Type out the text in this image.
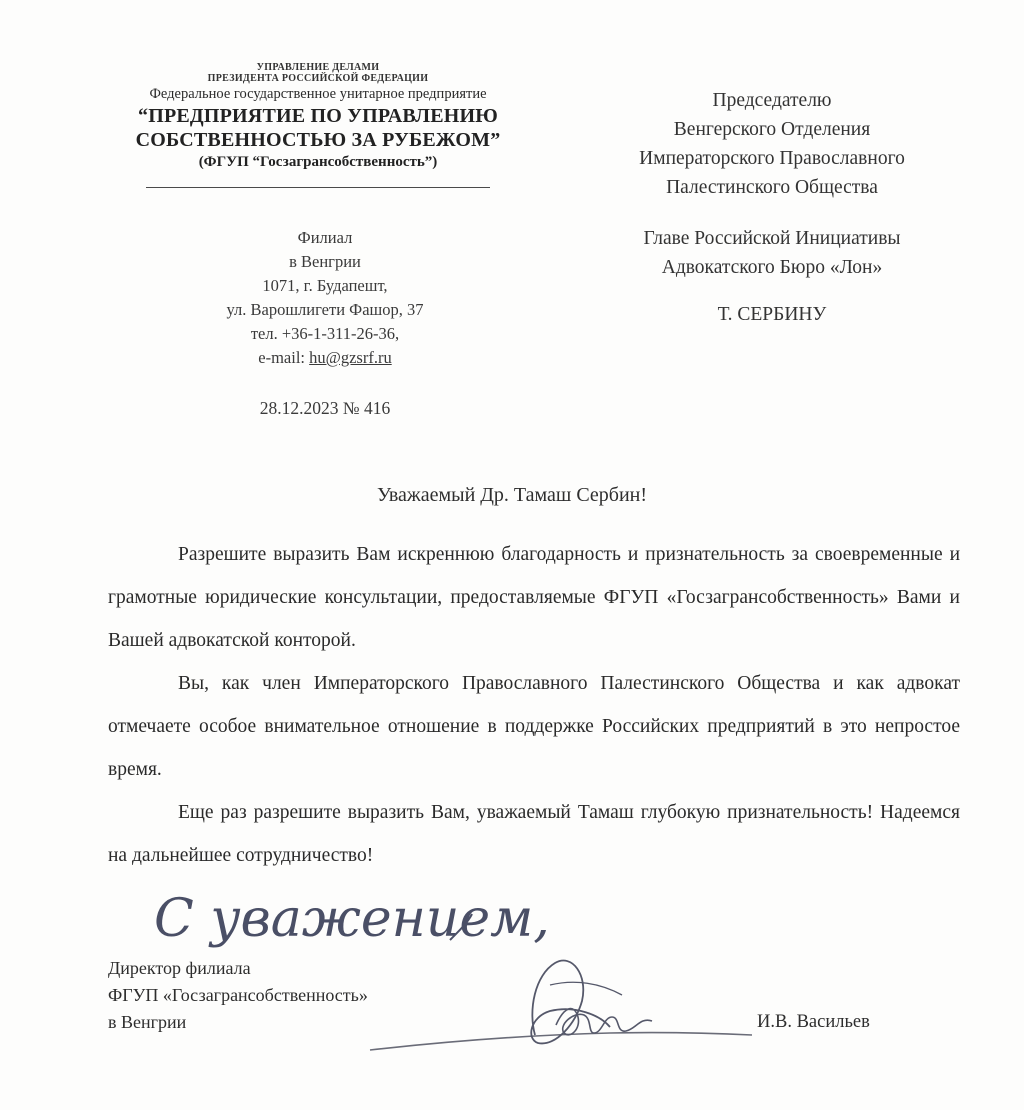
УПРАВЛЕНИЕ ДЕЛАМИ
ПРЕЗИДЕНТА РОССИЙСКОЙ ФЕДЕРАЦИИ
Федеральное государственное унитарное предприятие
“ПРЕДПРИЯТИЕ ПО УПРАВЛЕНИЮ
СОБСТВЕННОСТЬЮ ЗА РУБЕЖОМ”
(ФГУП “Госзагрансобственность”)
Филиал
в Венгрии
1071, г. Будапешт,
ул. Варошлигети Фашор, 37
тел. +36-1-311-26-36,
e-mail: hu@gzsrf.ru
28.12.2023 № 416
Председателю
Венгерского Отделения
Императорского Православного
Палестинского Общества
Главе Российской Инициативы
Адвокатского Бюро «Лон»
Т. СЕРБИНУ
Уважаемый Др. Тамаш Сербин!

Разрешите выразить Вам искреннюю благодарность и признательность за своевременные и грамотные юридические консультации, предоставляемые ФГУП «Госзагрансобственность» Вами и Вашей адвокатской конторой.

Вы, как член Императорского Православного Палестинского Общества и как адвокат отмечаете особое внимательное отношение в поддержке Российских предприятий в это непростое время.

Еще раз разрешите выразить Вам, уважаемый Тамаш глубокую признательность! Надеемся на дальнейшее сотрудничество!

С уважением,
Директор филиала
ФГУП «Госзагрансобственность»
в Венгрии	И.В. Васильев
